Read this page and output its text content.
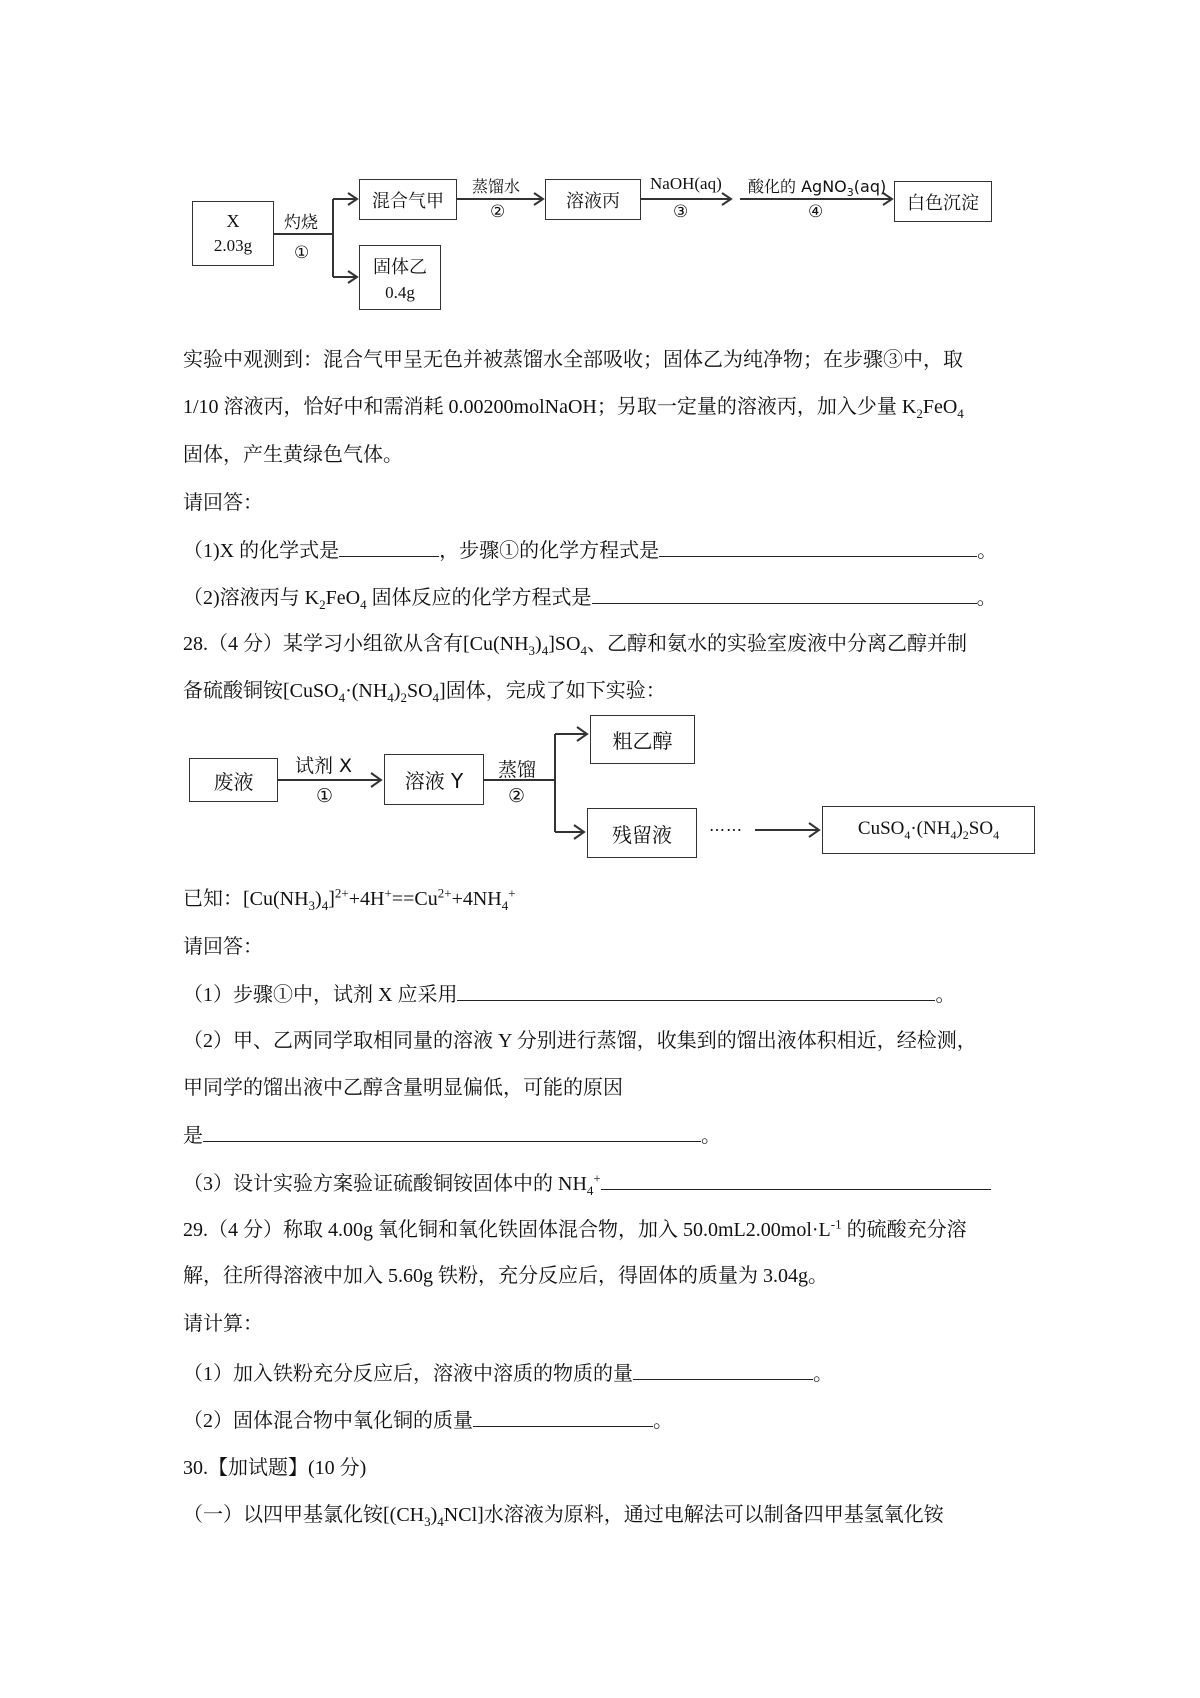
X
2.03g
灼烧
①
混合气甲
固体乙
0.4g
蒸馏水
②
溶液丙
NaOH(aq)
③
酸化的 AgNO$_3$(aq)
④	白色沉淀
实验中观测到：混合气甲呈无色并被蒸馏水全部吸收；固体乙为纯净物；在步骤③中，取
1/10 溶液丙，恰好中和需消耗 0.00200molNaOH；另取一定量的溶液丙，加入少量 $K_2FeO_4$
固体，产生黄绿色气体。
请回答：
（1)X 的化学式是	，步骤①的化学方程式是	。
（2)溶液丙与 $K_2FeO_4$ 固体反应的化学方程式是	。
28.（4 分）某学习小组欲从含有$[Cu(NH_3)_4]SO_4$、乙醇和氨水的实验室废液中分离乙醇并制
备硫酸铜铵$[CuSO_4\cdot(NH_4)_2SO_4]$固体，完成了如下实验：
废液
试剂 X
①
溶液 Y 蒸馏
②
粗乙醇
残留液 ……	$CuSO_4\cdot(NH_4)_2SO_4$
已知：$[Cu(NH_3)_4]^{2+}+4H^+==Cu^{2+}+4NH_4^+$
请回答：
（1）步骤①中，试剂 X 应采用	。
（2）甲、乙两同学取相同量的溶液 Y 分别进行蒸馏，收集到的馏出液体积相近，经检测，
甲同学的馏出液中乙醇含量明显偏低，可能的原因
是	。
（3）设计实验方案验证硫酸铜铵固体中的 $NH_4^+$
29.（4 分）称取 4.00g 氧化铜和氧化铁固体混合物，加入 $50.0mL2.00mol\cdot L^{-1}$ 的硫酸充分溶
解，往所得溶液中加入 5.60g 铁粉，充分反应后，得固体的质量为 3.04g。
请计算：
（1）加入铁粉充分反应后，溶液中溶质的物质的量	。
（2）固体混合物中氧化铜的质量	。
30.【加试题】(10 分)
（一）以四甲基氯化铵$[(CH_3)_4NCl]$水溶液为原料，通过电解法可以制备四甲基氢氧化铵
